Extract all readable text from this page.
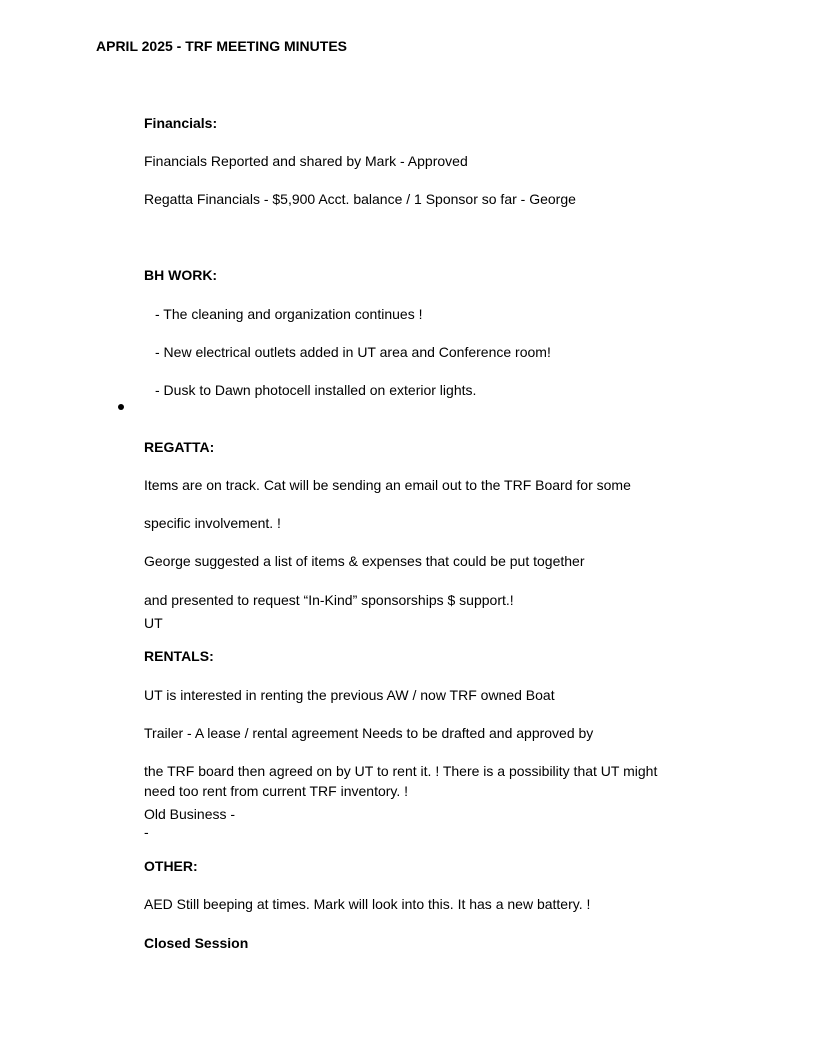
APRIL 2025 - TRF MEETING MINUTES
Financials:
Financials Reported and shared by Mark - Approved
Regatta Financials - $5,900 Acct. balance / 1 Sponsor so far - George
BH WORK:
- The cleaning and organization continues !
- New electrical outlets added in UT area and Conference room!
- Dusk to Dawn photocell installed on exterior lights.
REGATTA:
Items are on track. Cat will be sending an email out to the TRF Board for some
specific involvement. !
George suggested a list of items & expenses that could be put together
and presented to request “In-Kind” sponsorships $ support.!
UT
RENTALS:
UT is interested in renting the previous AW / now TRF owned Boat
Trailer - A lease / rental agreement Needs to be drafted and approved by
the TRF board then agreed on by UT to rent it. ! There is a possibility that UT might
need too rent from current TRF inventory. !
Old Business -
-
OTHER:
AED Still beeping at times. Mark will look into this. It has a new battery. !
Closed Session
